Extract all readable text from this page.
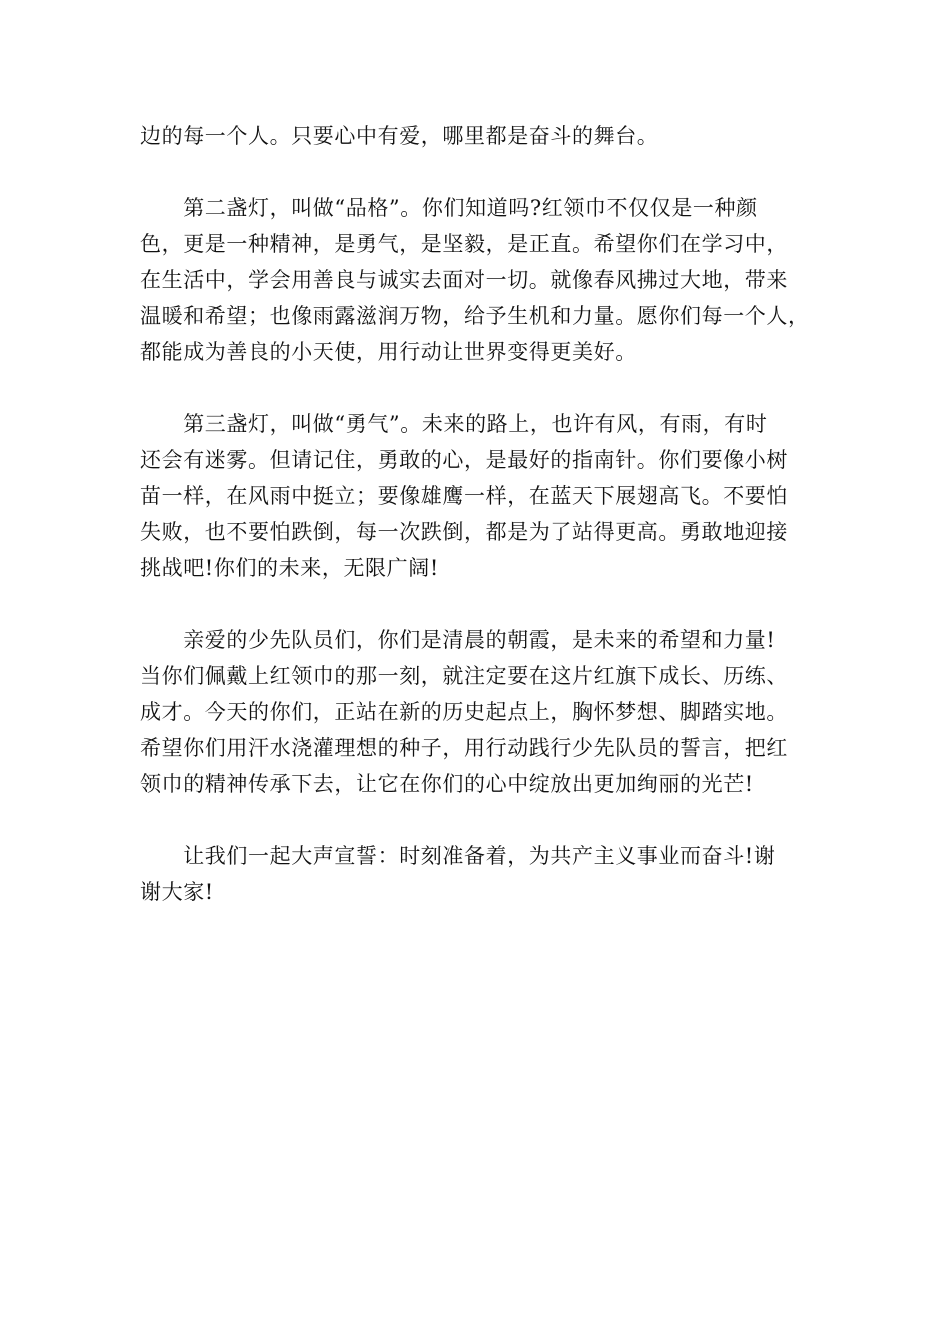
边的每一个人。只要心中有爱，哪里都是奋斗的舞台。

　　第二盏灯，叫做“品格”。你们知道吗?红领巾不仅仅是一种颜
色，更是一种精神，是勇气，是坚毅，是正直。希望你们在学习中，
在生活中，学会用善良与诚实去面对一切。就像春风拂过大地，带来
温暖和希望；也像雨露滋润万物，给予生机和力量。愿你们每一个人，
都能成为善良的小天使，用行动让世界变得更美好。

　　第三盏灯，叫做“勇气”。未来的路上，也许有风，有雨，有时
还会有迷雾。但请记住，勇敢的心，是最好的指南针。你们要像小树
苗一样，在风雨中挺立；要像雄鹰一样，在蓝天下展翅高飞。不要怕
失败，也不要怕跌倒，每一次跌倒，都是为了站得更高。勇敢地迎接
挑战吧!你们的未来，无限广阔!

　　亲爱的少先队员们，你们是清晨的朝霞，是未来的希望和力量!
当你们佩戴上红领巾的那一刻，就注定要在这片红旗下成长、历练、
成才。今天的你们，正站在新的历史起点上，胸怀梦想、脚踏实地。
希望你们用汗水浇灌理想的种子，用行动践行少先队员的誓言，把红
领巾的精神传承下去，让它在你们的心中绽放出更加绚丽的光芒!

　　让我们一起大声宣誓：时刻准备着，为共产主义事业而奋斗!谢
谢大家!
